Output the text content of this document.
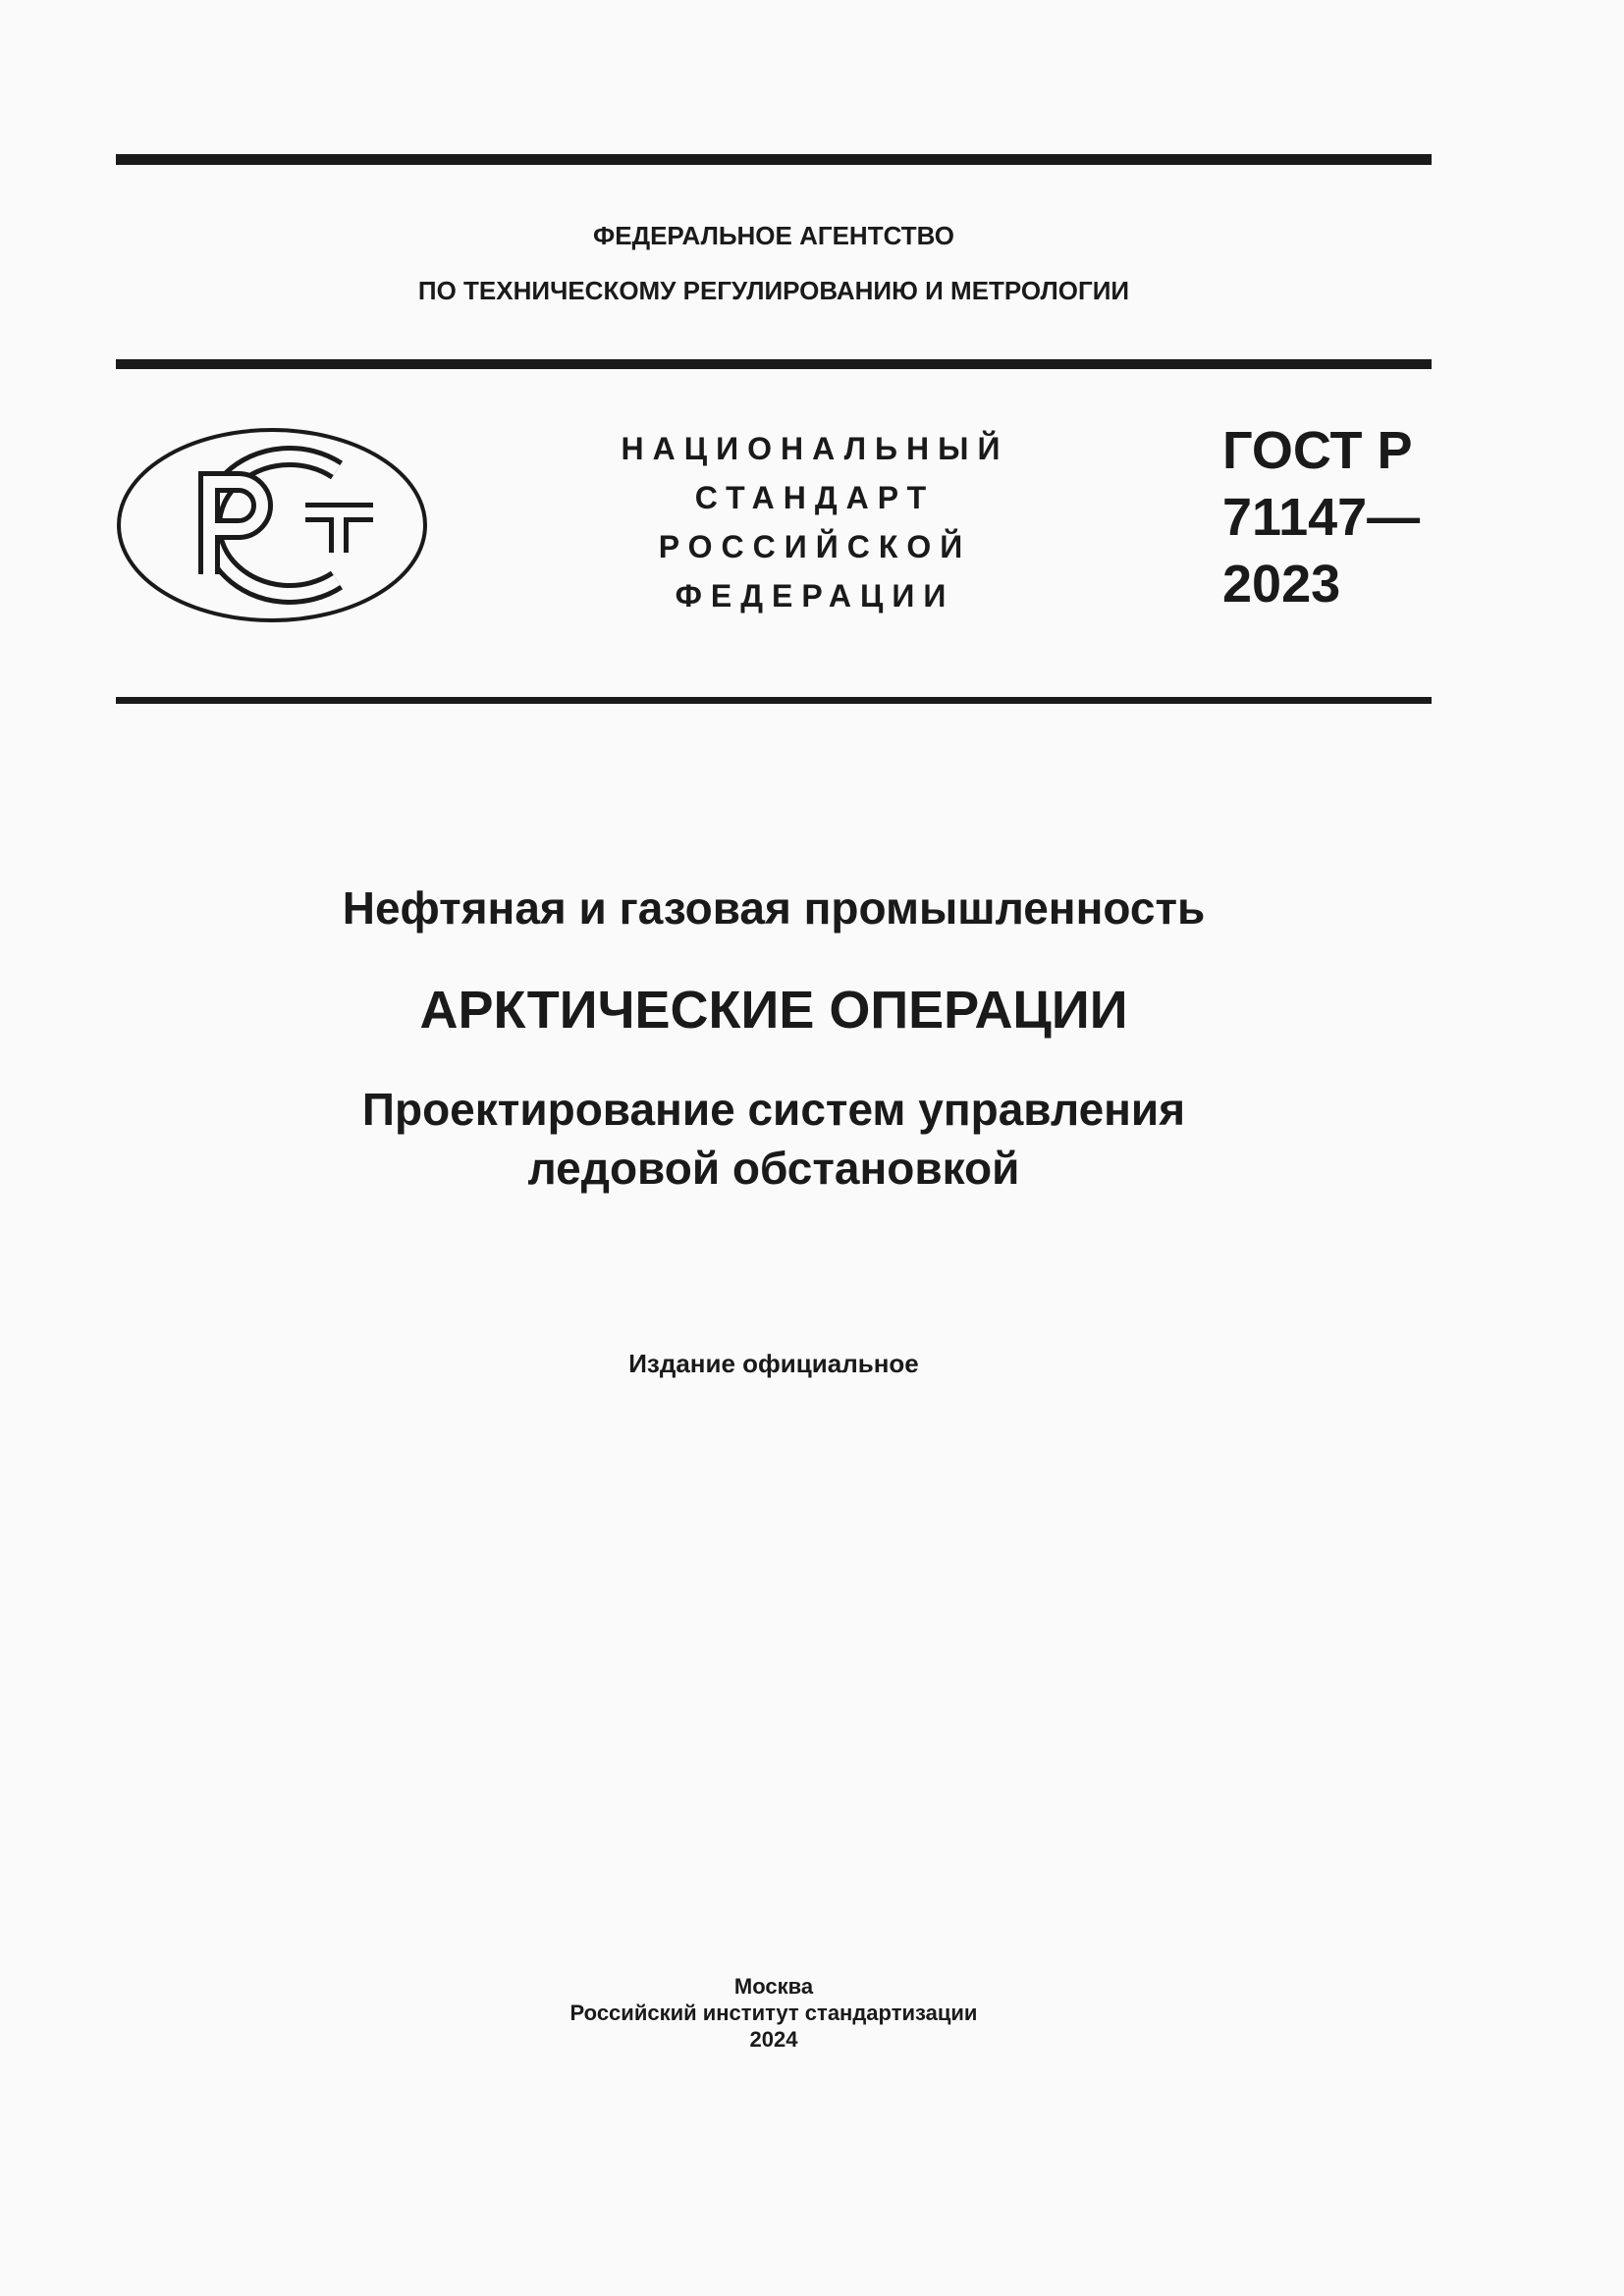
ФЕДЕРАЛЬНОЕ АГЕНТСТВО
ПО ТЕХНИЧЕСКОМУ РЕГУЛИРОВАНИЮ И МЕТРОЛОГИИ
НАЦИОНАЛЬНЫЙ
СТАНДАРТ
РОССИЙСКОЙ
ФЕДЕРАЦИИ
ГОСТ Р
71147—
2023
Нефтяная и газовая промышленность
АРКТИЧЕСКИЕ ОПЕРАЦИИ
Проектирование систем управления
ледовой обстановкой
Издание официальное
Москва
Российский институт стандартизации
2024
